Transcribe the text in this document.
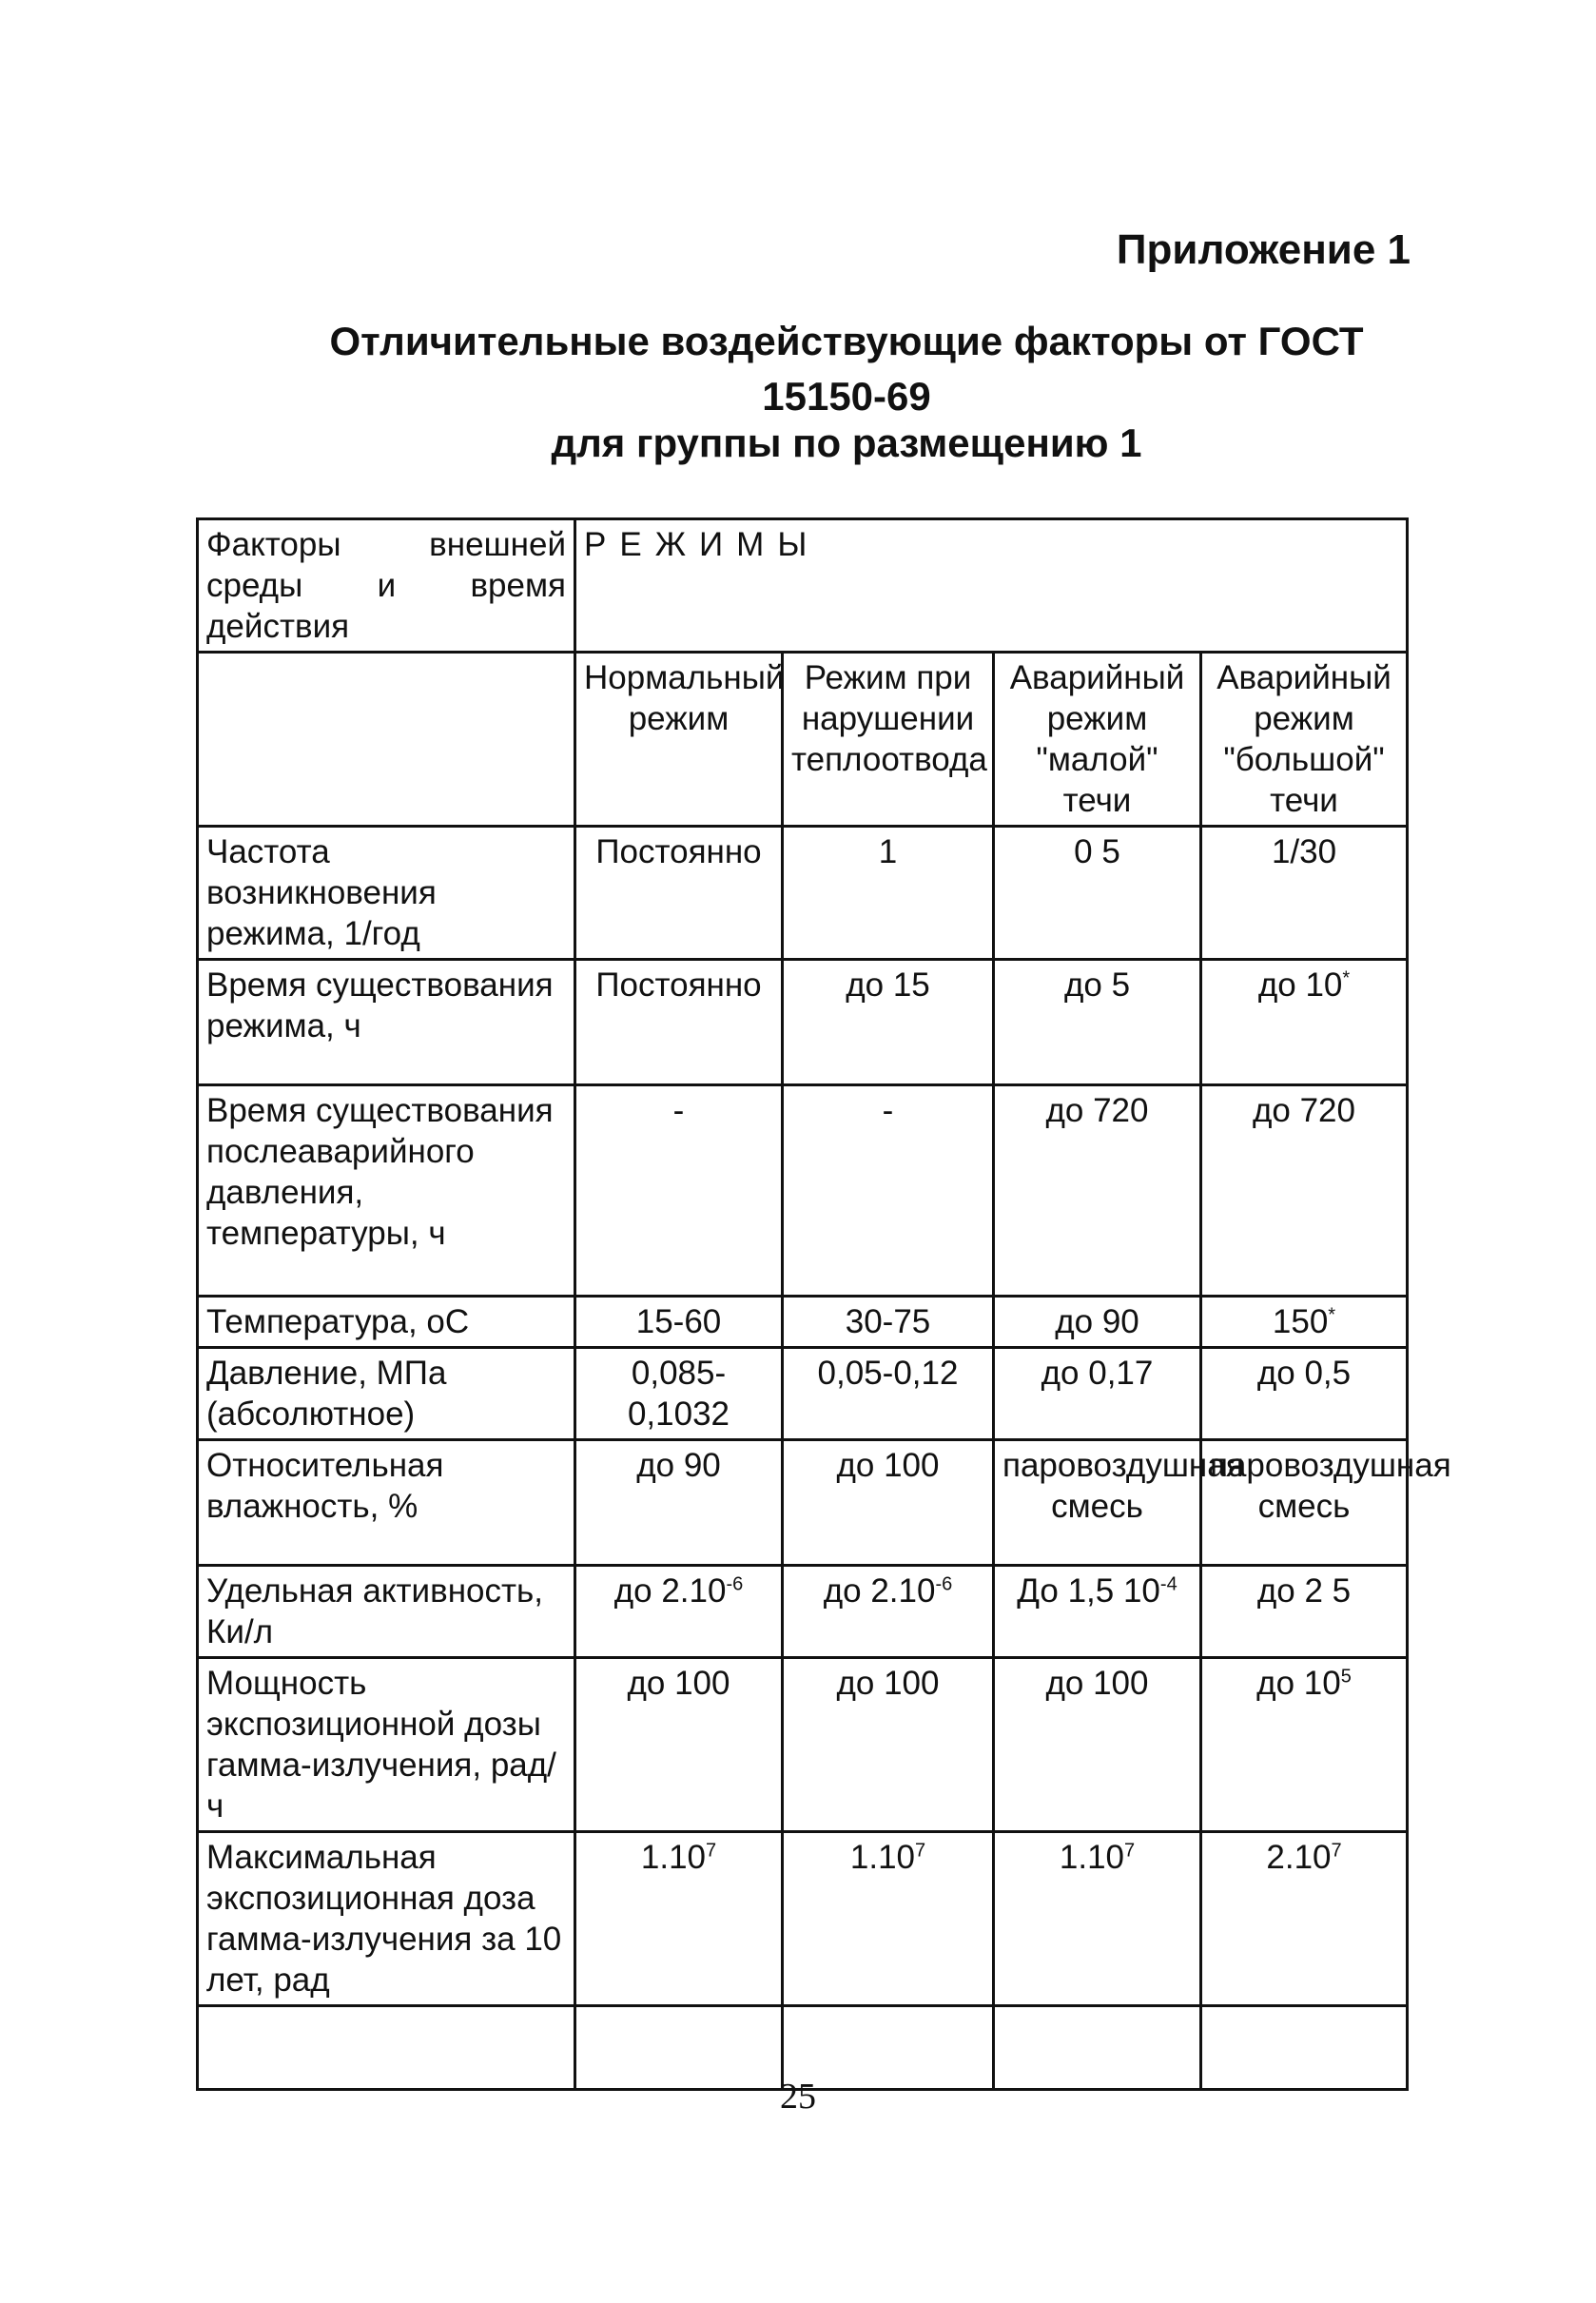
Приложение 1
Отличительные воздействующие факторы от ГОСТ
15150-69
для группы по размещению 1
Факторы внешней среды и время действия	РЕЖИМЫ			
	Нормальный режим	Режим при нарушении теплоотвода	Аварийный режим "малой" течи	Аварийный режим "большой" течи
Частота возникновения режима, 1/год	Постоянно	1	0 5	1/30
Время существования режима, ч	Постоянно	до 15	до 5	до 10*
Время существования послеаварийного давления, температуры, ч	-	-	до 720	до 720
Температура, оС	15-60	30-75	до 90	150*
Давление, МПа (абсолютное)	0,085-0,1032	0,05-0,12	до 0,17	до 0,5
Относительная влажность, %	до 90	до 100	паровоздушная смесь	паровоздушная смесь
Удельная активность, Ки/л	до $2.10^{-6}$	до $2.10^{-6}$	До 1,5 $10^{-4}$	до 2 5
Мощность экспозиционной дозы гамма-излучения, рад/ч	до 100	до 100	до 100	до $10^5$
Максимальная экспозиционная доза гамма-излучения за 10 лет, рад	1.10$^7$	1.10$^7$	1.10$^7$	2.10$^7$

25
